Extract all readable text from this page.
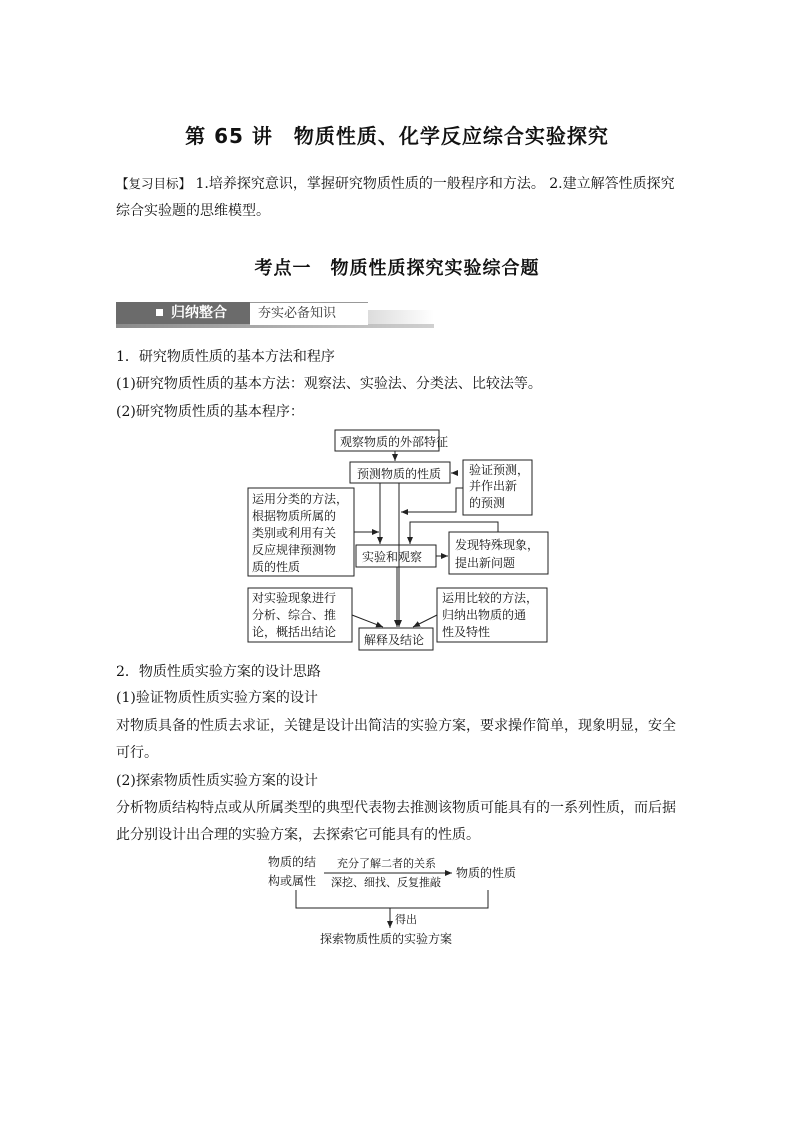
第 65 讲　物质性质、化学反应综合实验探究
【复习目标】 1.培养探究意识，掌握研究物质性质的一般程序和方法。 2.建立解答性质探究综合实验题的思维模型。
考点一　物质性质探究实验综合题
归纳整合	夯实必备知识
1．研究物质性质的基本方法和程序
(1)研究物质性质的基本方法：观察法、实验法、分类法、比较法等。
(2)研究物质性质的基本程序：
观察物质的外部特征
预测物质的性质 验证预测，
并作出新
的预测
运用分类的方法，
根据物质所属的
类别或利用有关
反应规律预测物
质的性质
实验和观察
发现特殊现象，
提出新问题
对实验现象进行
分析、综合、推
论，概括出结论
解释及结论
运用比较的方法，
归纳出物质的通
性及特性
物质的结
构或属性
充分了解二者的关系
深挖、细找、反复推敲
物质的性质
得出
探索物质性质的实验方案
2．物质性质实验方案的设计思路
(1)验证物质性质实验方案的设计
对物质具备的性质去求证，关键是设计出简洁的实验方案，要求操作简单，现象明显，安全
可行。
(2)探索物质性质实验方案的设计
分析物质结构特点或从所属类型的典型代表物去推测该物质可能具有的一系列性质，而后据
此分别设计出合理的实验方案，去探索它可能具有的性质。
